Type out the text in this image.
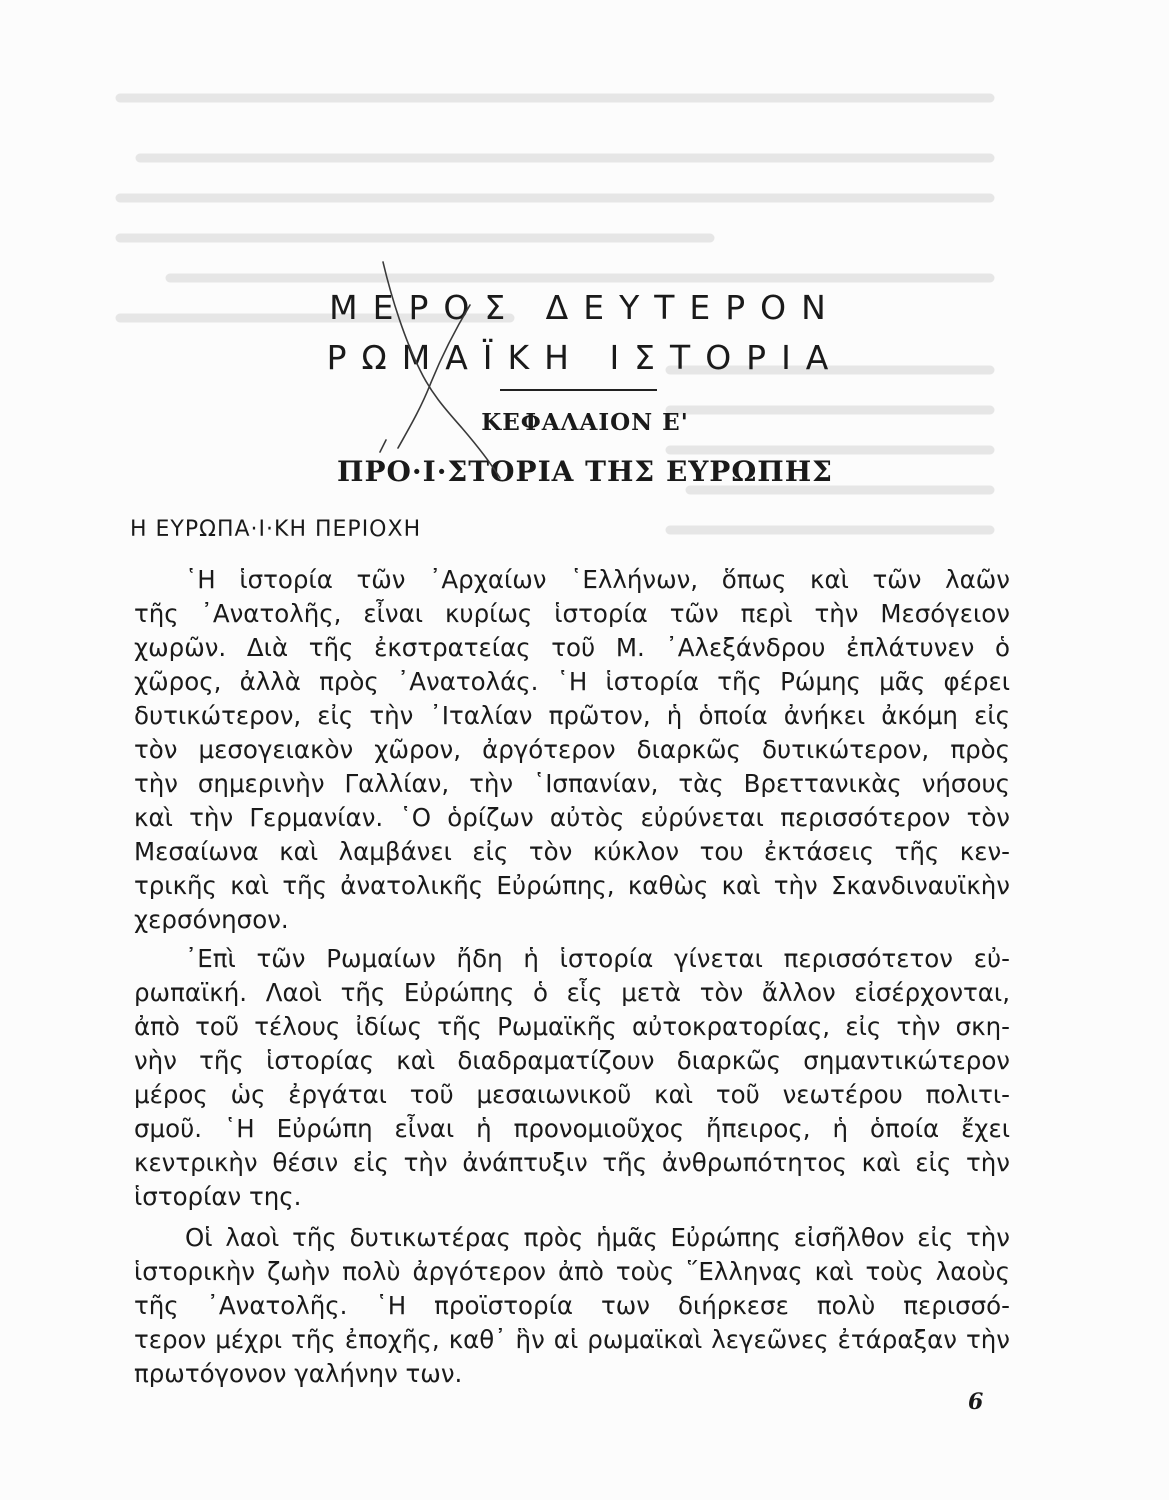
ΜΕΡΟΣ ΔΕΥΤΕΡΟΝ
ΡΩΜΑΪΚΗ ΙΣΤΟΡΙΑ
ΚΕΦΑΛΑΙΟΝ Ε'
ΠΡΟ·Ι·ΣΤΟΡΙΑ ΤΗΣ ΕΥΡΩΠΗΣ
Η ΕΥΡΩΠΑ·Ι·ΚΗ ΠΕΡΙΟΧΗ
῾Η ἱστορία τῶν ᾽Αρχαίων ῾Ελλήνων, ὅπως καὶ τῶν λαῶν
τῆς ᾽Ανατολῆς, εἶναι κυρίως ἱστορία τῶν περὶ τὴν Μεσόγειον
χωρῶν. Διὰ τῆς ἐκστρατείας τοῦ Μ. ᾽Αλεξάνδρου ἐπλάτυνεν ὁ
χῶρος, ἀλλὰ πρὸς ᾽Ανατολάς. ῾Η ἱστορία τῆς Ρώμης μᾶς φέρει
δυτικώτερον, εἰς τὴν ᾽Ιταλίαν πρῶτον, ἡ ὁποία ἀνήκει ἀκόμη εἰς
τὸν μεσογειακὸν χῶρον, ἀργότερον διαρκῶς δυτικώτερον, πρὸς
τὴν σημερινὴν Γαλλίαν, τὴν ῾Ισπανίαν, τὰς Βρεττανικὰς νήσους
καὶ τὴν Γερμανίαν. ῾Ο ὁρίζων αὐτὸς εὐρύνεται περισσότερον τὸν
Μεσαίωνα καὶ λαμβάνει εἰς τὸν κύκλον του ἐκτάσεις τῆς κεν-
τρικῆς καὶ τῆς ἀνατολικῆς Εὐρώπης, καθὼς καὶ τὴν Σκανδιναυϊκὴν
χερσόνησον.
᾽Επὶ τῶν Ρωμαίων ἤδη ἡ ἱστορία γίνεται περισσότετον εὐ-
ρωπαϊκή. Λαοὶ τῆς Εὐρώπης ὁ εἷς μετὰ τὸν ἄλλον εἰσέρχονται,
ἀπὸ τοῦ τέλους ἰδίως τῆς Ρωμαϊκῆς αὐτοκρατορίας, εἰς τὴν σκη-
νὴν τῆς ἱστορίας καὶ διαδραματίζουν διαρκῶς σημαντικώτερον
μέρος ὡς ἐργάται τοῦ μεσαιωνικοῦ καὶ τοῦ νεωτέρου πολιτι-
σμοῦ. ῾Η Εὐρώπη εἶναι ἡ προνομιοῦχος ἤπειρος, ἡ ὁποία ἔχει
κεντρικὴν θέσιν εἰς τὴν ἀνάπτυξιν τῆς ἀνθρωπότητος καὶ εἰς τὴν
ἱστορίαν της.
Οἱ λαοὶ τῆς δυτικωτέρας πρὸς ἡμᾶς Εὐρώπης εἰσῆλθον εἰς τὴν
ἱστορικὴν ζωὴν πολὺ ἀργότερον ἀπὸ τοὺς ῞Ελληνας καὶ τοὺς λαοὺς
τῆς ᾽Ανατολῆς. ῾Η προϊστορία των διήρκεσε πολὺ περισσό-
τερον μέχρι τῆς ἐποχῆς, καθ᾽ ἣν αἱ ρωμαϊκαὶ λεγεῶνες ἐτάραξαν τὴν
πρωτόγονον γαλήνην των.
6
